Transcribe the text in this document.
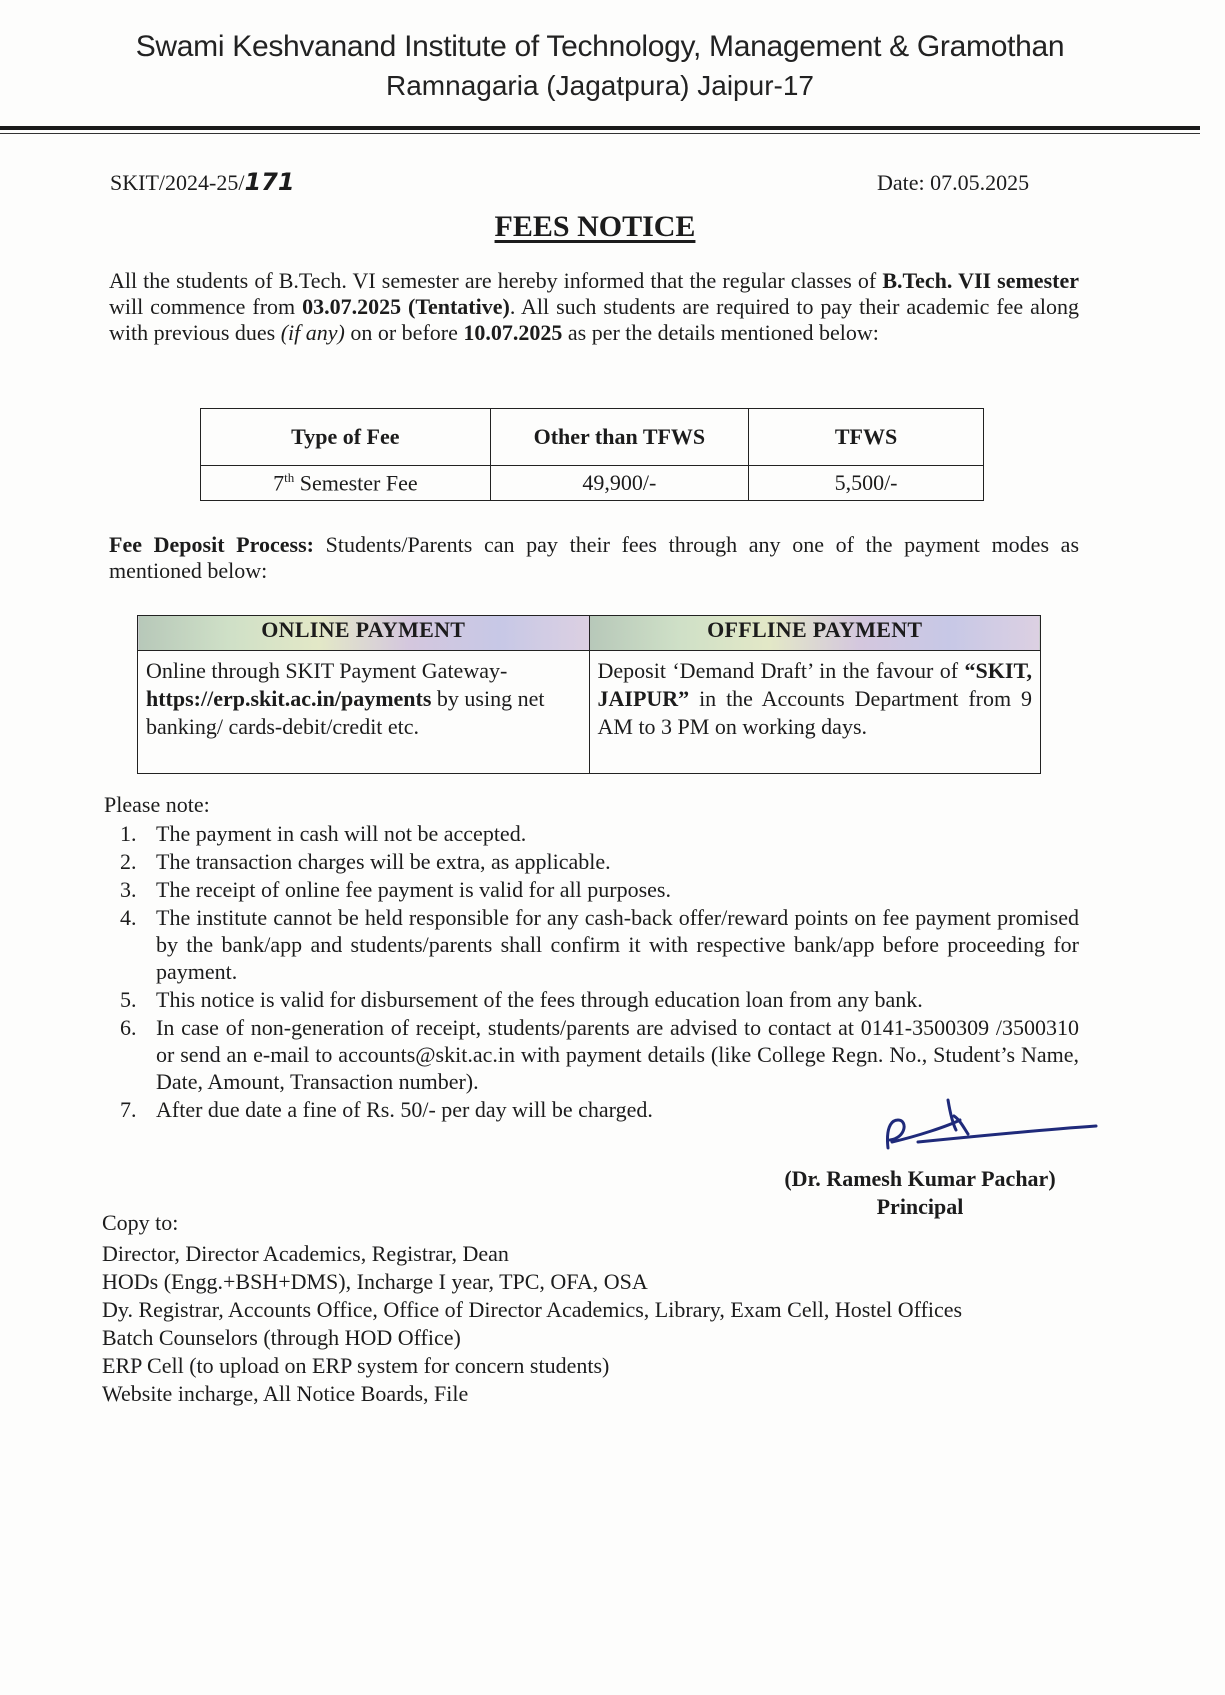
Swami Keshvanand Institute of Technology, Management & Gramothan
Ramnagaria (Jagatpura) Jaipur-17
SKIT/2024-25/171	Date: 07.05.2025
FEES NOTICE
All the students of B.Tech. VI semester are hereby informed that the regular classes of B.Tech. VII semester will commence from 03.07.2025 (Tentative). All such students are required to pay their academic fee along with previous dues (if any) on or before 10.07.2025 as per the details mentioned below:
Type of Fee	Other than TFWS	TFWS
7th Semester Fee	49,900/-	5,500/-
Fee Deposit Process: Students/Parents can pay their fees through any one of the payment modes as mentioned below:
ONLINE PAYMENT	OFFLINE PAYMENT
Online through SKIT Payment Gateway-
https://erp.skit.ac.in/payments by using net banking/ cards-debit/credit etc.	Deposit ‘Demand Draft’ in the favour of “SKIT, JAIPUR” in the Accounts Department from 9 AM to 3 PM on working days.
Please note:
1. The payment in cash will not be accepted.
2. The transaction charges will be extra, as applicable.
3. The receipt of online fee payment is valid for all purposes.
4. The institute cannot be held responsible for any cash-back offer/reward points on fee payment promised by the bank/app and students/parents shall confirm it with respective bank/app before proceeding for payment.
5. This notice is valid for disbursement of the fees through education loan from any bank.
6. In case of non-generation of receipt, students/parents are advised to contact at 0141-3500309 /3500310 or send an e-mail to accounts@skit.ac.in with payment details (like College Regn. No., Student’s Name, Date, Amount, Transaction number).
7. After due date a fine of Rs. 50/- per day will be charged.
(Dr. Ramesh Kumar Pachar)
Principal
Copy to:
Director, Director Academics, Registrar, Dean
HODs (Engg.+BSH+DMS), Incharge I year, TPC, OFA, OSA
Dy. Registrar, Accounts Office, Office of Director Academics, Library, Exam Cell, Hostel Offices
Batch Counselors (through HOD Office)
ERP Cell (to upload on ERP system for concern students)
Website incharge, All Notice Boards, File
